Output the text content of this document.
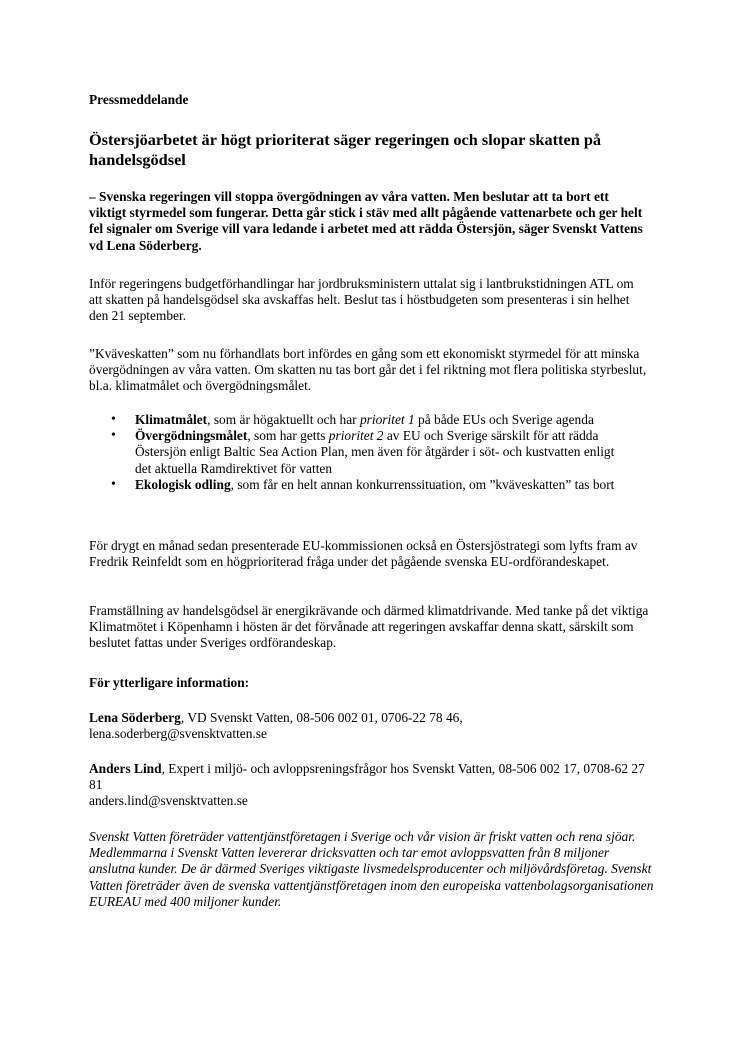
Pressmeddelande
Östersjöarbetet är högt prioriterat säger regeringen och slopar skatten på handelsgödsel
– Svenska regeringen vill stoppa övergödningen av våra vatten. Men beslutar att ta bort ett viktigt styrmedel som fungerar. Detta går stick i stäv med allt pågående vattenarbete och ger helt fel signaler om Sverige vill vara ledande i arbetet med att rädda Östersjön, säger Svenskt Vattens vd Lena Söderberg.
Inför regeringens budgetförhandlingar har jordbruksministern uttalat sig i lantbrukstidningen ATL om att skatten på handelsgödsel ska avskaffas helt. Beslut tas i höstbudgeten som presenteras i sin helhet den 21 september.
”Kväveskatten” som nu förhandlats bort infördes en gång som ett ekonomiskt styrmedel för att minska övergödningen av våra vatten. Om skatten nu tas bort går det i fel riktning mot flera politiska styrbeslut, bl.a. klimatmålet och övergödningsmålet.
• Klimatmålet, som är högaktuellt och har prioritet 1 på både EUs och Sverige agenda
• Övergödningsmålet, som har getts prioritet 2 av EU och Sverige särskilt för att rädda Östersjön enligt Baltic Sea Action Plan, men även för åtgärder i söt- och kustvatten enligt det aktuella Ramdirektivet för vatten
• Ekologisk odling, som får en helt annan konkurrenssituation, om ”kväveskatten” tas bort
För drygt en månad sedan presenterade EU-kommissionen också en Östersjöstrategi som lyfts fram av Fredrik Reinfeldt som en högprioriterad fråga under det pågående svenska EU-ordförandeskapet.
Framställning av handelsgödsel är energikrävande och därmed klimatdrivande. Med tanke på det viktiga Klimatmötet i Köpenhamn i hösten är det förvånade att regeringen avskaffar denna skatt, särskilt som beslutet fattas under Sveriges ordförandeskap.
För ytterligare information:
Lena Söderberg, VD Svenskt Vatten, 08-506 002 01, 0706-22 78 46,
lena.soderberg@svensktvatten.se
Anders Lind, Expert i miljö- och avloppsreningsfrågor hos Svenskt Vatten, 08-506 002 17, 0708-62 27 81
anders.lind@svensktvatten.se
Svenskt Vatten företräder vattentjänstföretagen i Sverige och vår vision är friskt vatten och rena sjöar. Medlemmarna i Svenskt Vatten levererar dricksvatten och tar emot avloppsvatten från 8 miljoner anslutna kunder. De är därmed Sveriges viktigaste livsmedelsproducenter och miljövårdsföretag. Svenskt Vatten företräder även de svenska vattentjänstföretagen inom den europeiska vattenbolagsorganisationen EUREAU med 400 miljoner kunder.
